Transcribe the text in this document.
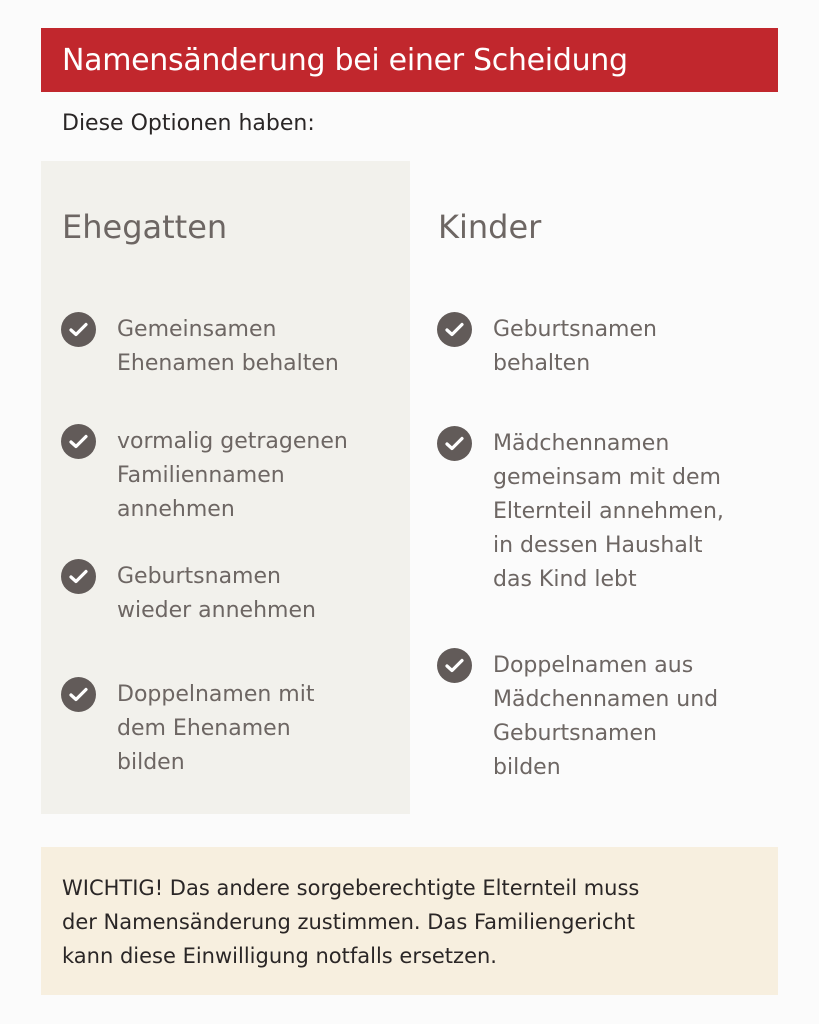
Namensänderung bei einer Scheidung

Diese Optionen haben:

Ehegatten	Kinder
Gemeinsamen
Ehenamen behalten
vormalig getragenen
Familiennamen
annehmen
Geburtsnamen
wieder annehmen
Doppelnamen mit
dem Ehenamen
bilden
Geburtsnamen
behalten
Mädchennamen
gemeinsam mit dem
Elternteil annehmen,
in dessen Haushalt
das Kind lebt
Doppelnamen aus
Mädchennamen und
Geburtsnamen
bilden
WICHTIG! Das andere sorgeberechtigte Elternteil muss
der Namensänderung zustimmen. Das Familiengericht
kann diese Einwilligung notfalls ersetzen.
